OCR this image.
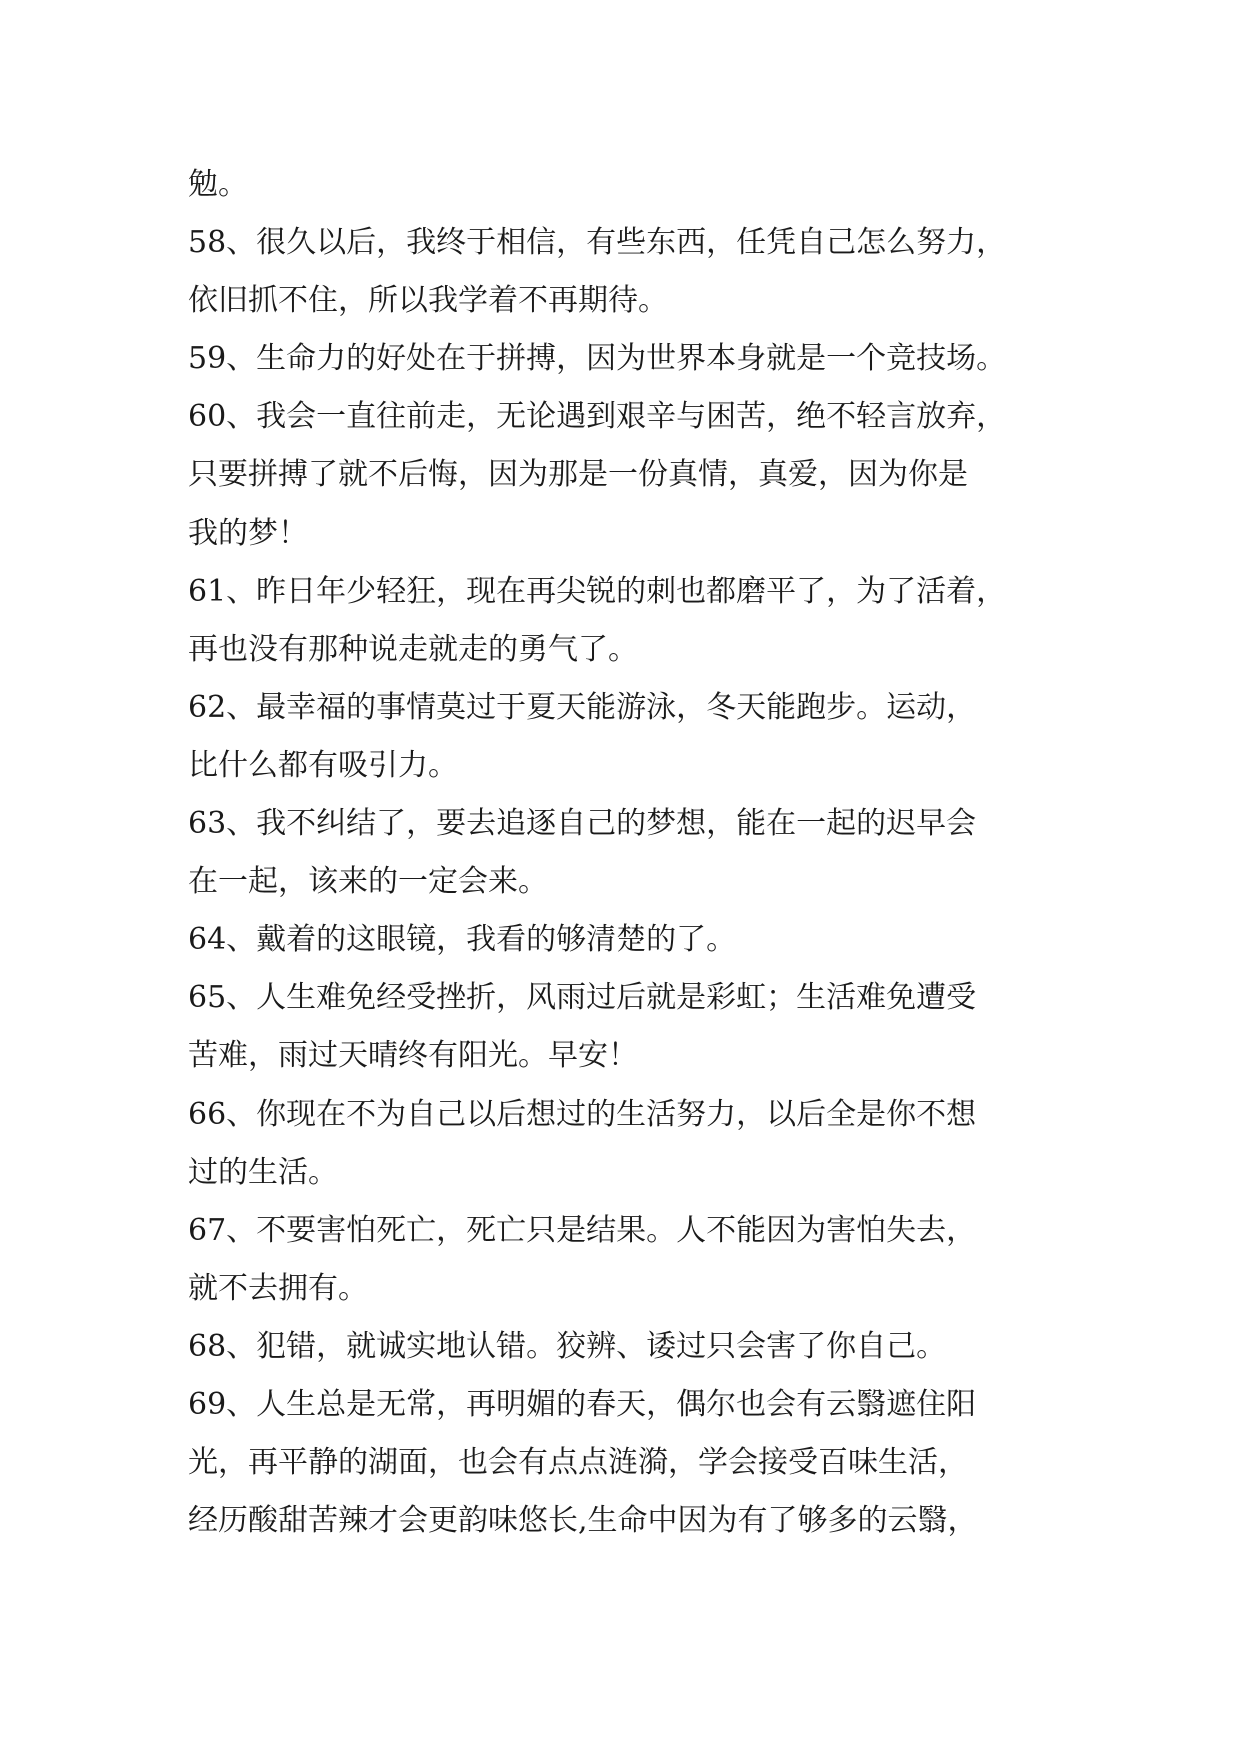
勉。
58、很久以后，我终于相信，有些东西，任凭自己怎么努力，
依旧抓不住，所以我学着不再期待。
59、生命力的好处在于拼搏，因为世界本身就是一个竞技场。
60、我会一直往前走，无论遇到艰辛与困苦，绝不轻言放弃，
只要拼搏了就不后悔，因为那是一份真情，真爱，因为你是
我的梦！
61、昨日年少轻狂，现在再尖锐的刺也都磨平了，为了活着，
再也没有那种说走就走的勇气了。
62、最幸福的事情莫过于夏天能游泳，冬天能跑步。运动，
比什么都有吸引力。
63、我不纠结了，要去追逐自己的梦想，能在一起的迟早会
在一起，该来的一定会来。
64、戴着的这眼镜，我看的够清楚的了。
65、人生难免经受挫折，风雨过后就是彩虹；生活难免遭受
苦难，雨过天晴终有阳光。早安！
66、你现在不为自己以后想过的生活努力，以后全是你不想
过的生活。
67、不要害怕死亡，死亡只是结果。人不能因为害怕失去，
就不去拥有。
68、犯错，就诚实地认错。狡辨、诿过只会害了你自己。
69、人生总是无常，再明媚的春天，偶尔也会有云翳遮住阳
光，再平静的湖面，也会有点点涟漪，学会接受百味生活，
经历酸甜苦辣才会更韵味悠长,生命中因为有了够多的云翳，
